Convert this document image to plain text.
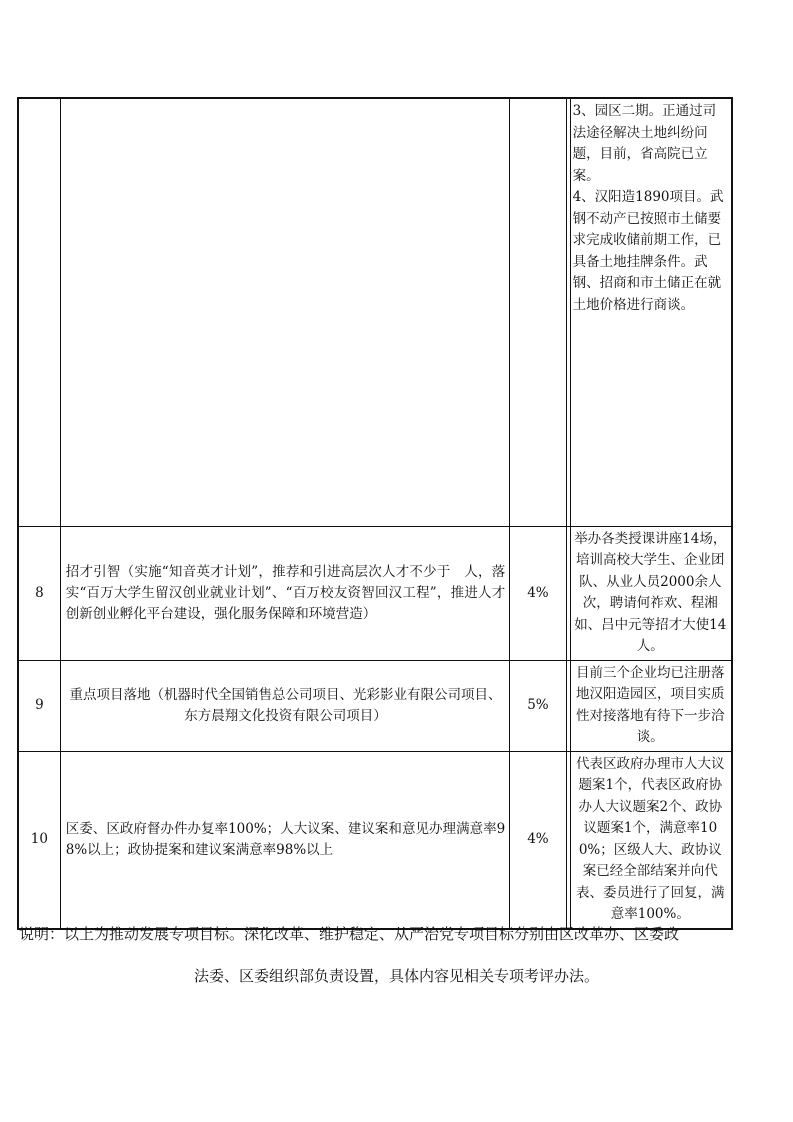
				3、园区二期。正通过司法途径解决土地纠纷问题，目前，省高院已立案。

4、汉阳造1890项目。武钢不动产已按照市土储要求完成收储前期工作，已具备土地挂牌条件。武钢、招商和市土储正在就土地价格进行商谈。

8	招才引智（实施“知音英才计划”，推荐和引进高层次人才不少于　人，落实“百万大学生留汉创业就业计划”、“百万校友资智回汉工程”，推进人才创新创业孵化平台建设，强化服务保障和环境营造）	4%		举办各类授课讲座14场，培训高校大学生、企业团队、从业人员2000余人次，聘请何祚欢、程湘如、吕中元等招才大使14人。

9	重点项目落地（机器时代全国销售总公司项目、光彩影业有限公司项目、东方晨翔文化投资有限公司项目）	5%		目前三个企业均已注册落地汉阳造园区，项目实质性对接落地有待下一步洽谈。

10	区委、区政府督办件办复率100%；人大议案、建议案和意见办理满意率98%以上；政协提案和建议案满意率98%以上	4%		代表区政府办理市人大议题案1个，代表区政府协办人大议题案2个、政协议题案1个，满意率100%；区级人大、政协议案已经全部结案并向代表、委员进行了回复，满意率100%。

说明：以上为推动发展专项目标。深化改革、维护稳定、从严治党专项目标分别由区改革办、区委政
法委、区委组织部负责设置，具体内容见相关专项考评办法。
